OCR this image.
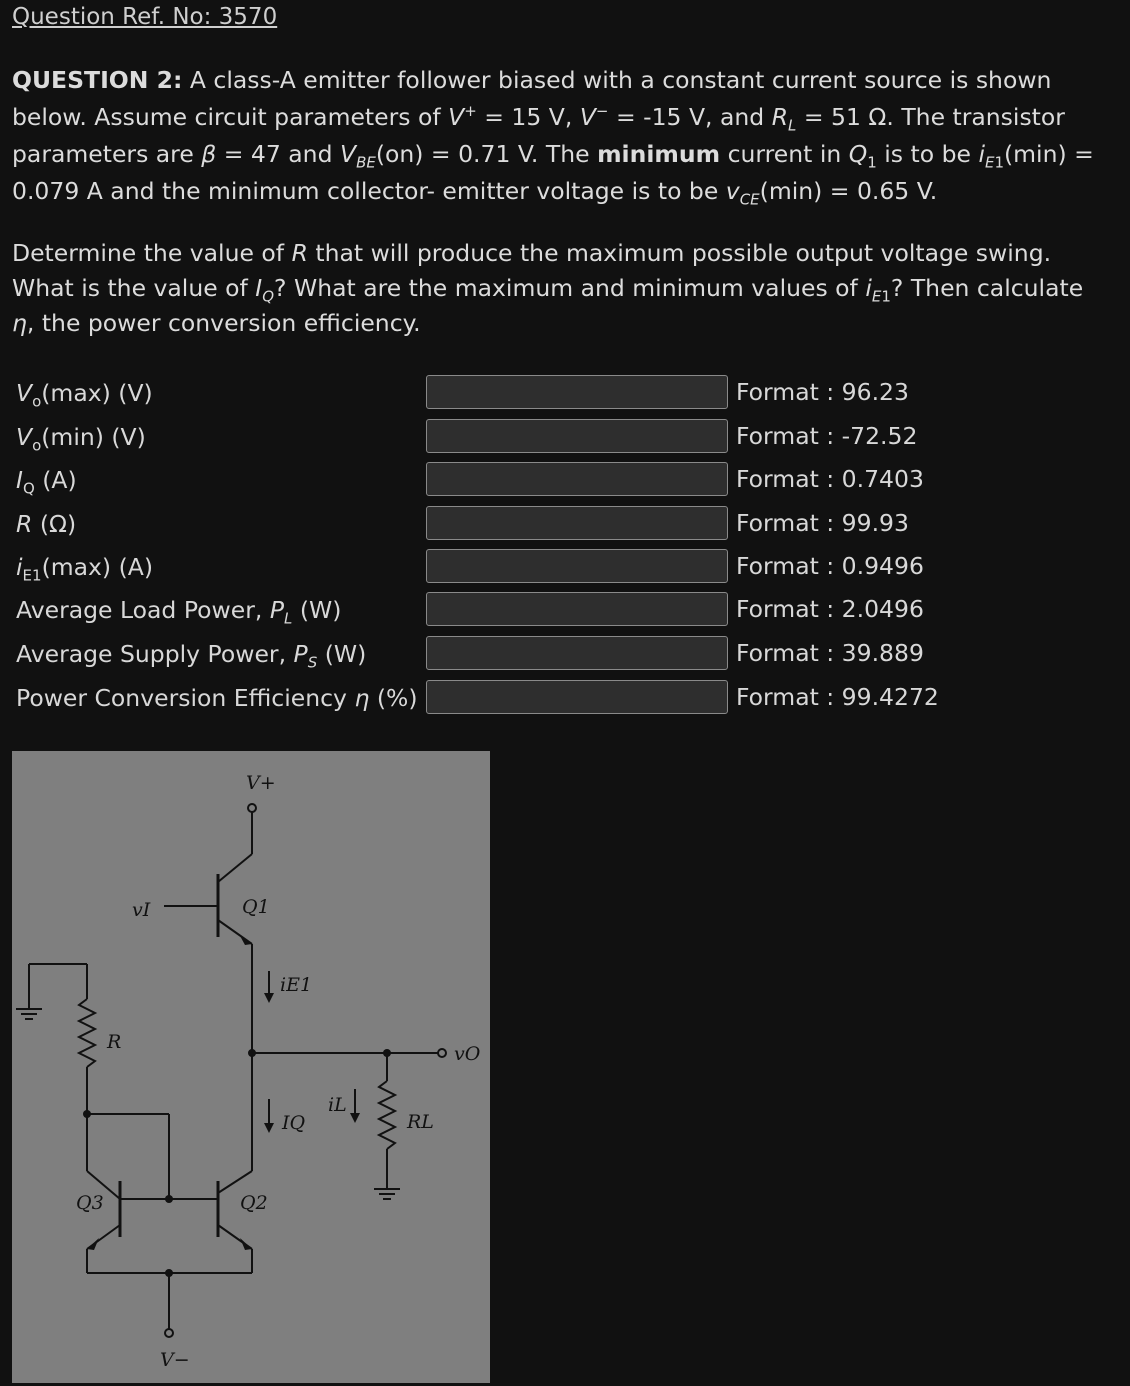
Question Ref. No: 3570

QUESTION 2: A class-A emitter follower biased with a constant current source is shown below. Assume circuit parameters of V+ = 15 V, V− = -15 V, and $R_L = 51$ Ω. The transistor parameters are β = 47 and $V_{BE}(on) = 0.71$ V. The minimum current in $Q_1$ is to be $i_{E1}(\min) = 0.079$ A and the minimum collector- emitter voltage is to be $v_{CE}(\min) = 0.65$ V.

Determine the value of R that will produce the maximum possible output voltage swing. What is the value of $I_Q$? What are the maximum and minimum values of $i_{E1}$? Then calculate η, the power conversion efficiency.

$V_o(\max)$ (V)	Format : 96.23
$V_o(\min)$ (V)	Format : -72.52
$I_Q$ (A)	Format : 0.7403
R (Ω)	Format : 99.93
$i_{E1}(\max)$ (A)	Format : 0.9496
Average Load Power, $P_L$ (W)	Format : 2.0496
Average Supply Power, $P_S$ (W)	Format : 39.889
Power Conversion Efficiency η (%)	Format : 99.4272
V+
vI	Q1
iE1
R
vO
IQ
iL
RL
Q3	Q2
V−
